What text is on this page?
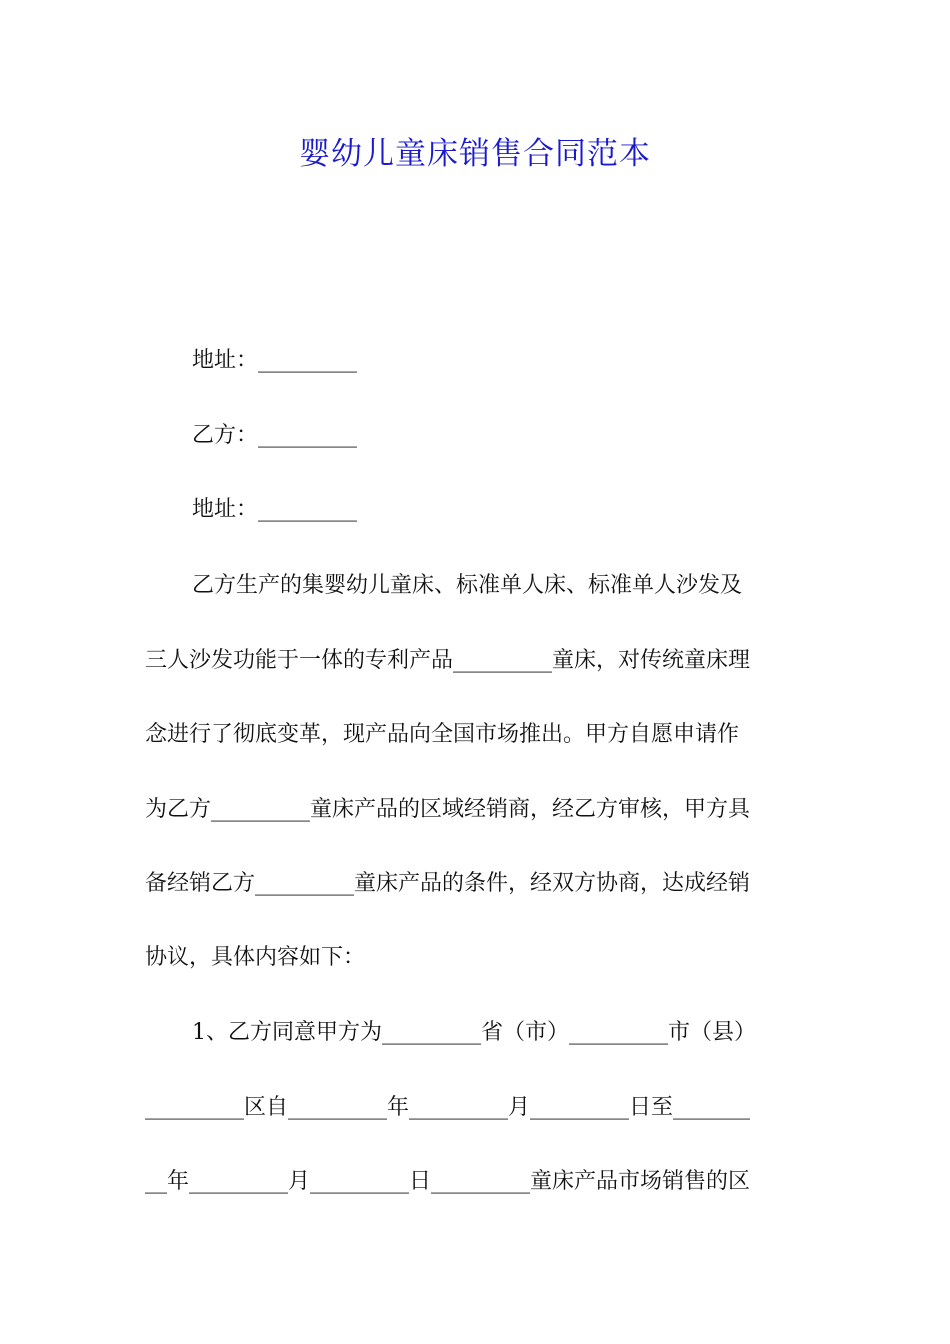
婴幼儿童床销售合同范本
地址：_________
乙方：_________
地址：_________
乙方生产的集婴幼儿童床、标准单人床、标准单人沙发及
三人沙发功能于一体的专利产品_________童床，对传统童床理
念进行了彻底变革，现产品向全国市场推出。甲方自愿申请作
为乙方_________童床产品的区域经销商，经乙方审核，甲方具
备经销乙方_________童床产品的条件，经双方协商，达成经销
协议，具体内容如下：
1、乙方同意甲方为_________省（市）_________市（县）
_________区自_________年_________月_________日至_______
__年_________月_________日_________童床产品市场销售的区
